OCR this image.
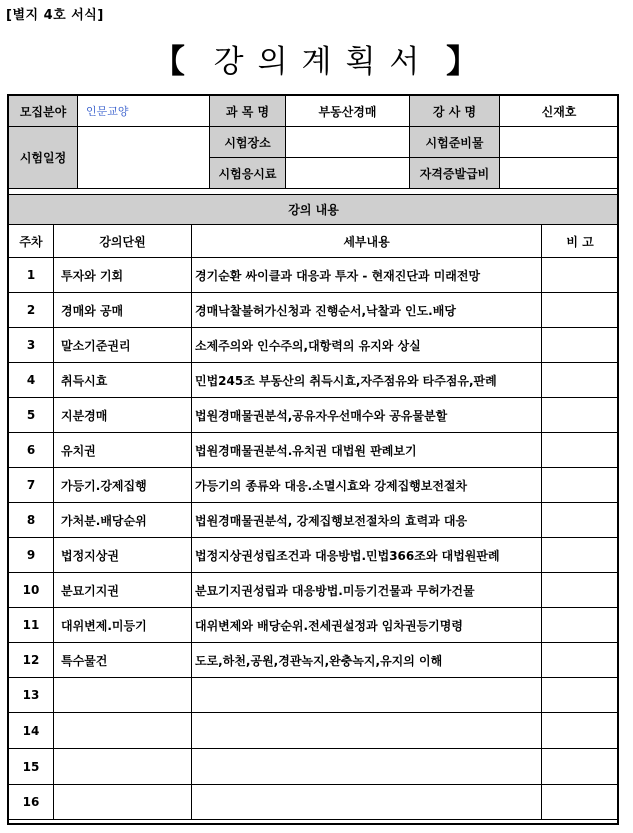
[별지 4호 서식]
【 강의계획서 】
모집분야	인문교양	과 목 명	부동산경매	강 사 명	신재호
시험일정		시험장소		시험준비물	
		시험응시료		자격증발급비	
강의 내용			
주차	강의단원	세부내용	비 고
1	투자와 기회	경기순환 싸이클과 대응과 투자 - 현재진단과 미래전망	
2	경매와 공매	경매낙찰불허가신청과 진행순서,낙찰과 인도.배당	
3	말소기준권리	소제주의와 인수주의,대항력의 유지와 상실	
4	취득시효	민법245조 부동산의 취득시효,자주점유와 타주점유,판례	
5	지분경매	법원경매물권분석,공유자우선매수와 공유물분할	
6	유치권	법원경매물권분석.유치권 대법원 판례보기	
7	가등기.강제집행	가등기의 종류와 대응.소멸시효와 강제집행보전절차	
8	가처분.배당순위	법원경매물권분석, 강제집행보전절차의 효력과 대응	
9	법정지상권	법정지상권성립조건과 대응방법.민법366조와 대법원판례	
10	분묘기지권	분묘기지권성립과 대응방법.미등기건물과 무허가건물	
11	대위변제.미등기	대위변제와 배당순위.전세권설정과 임차권등기명령	
12	특수물건	도로,하천,공원,경관녹지,완충녹지,유지의 이해	
13			
14			
15			
16			
